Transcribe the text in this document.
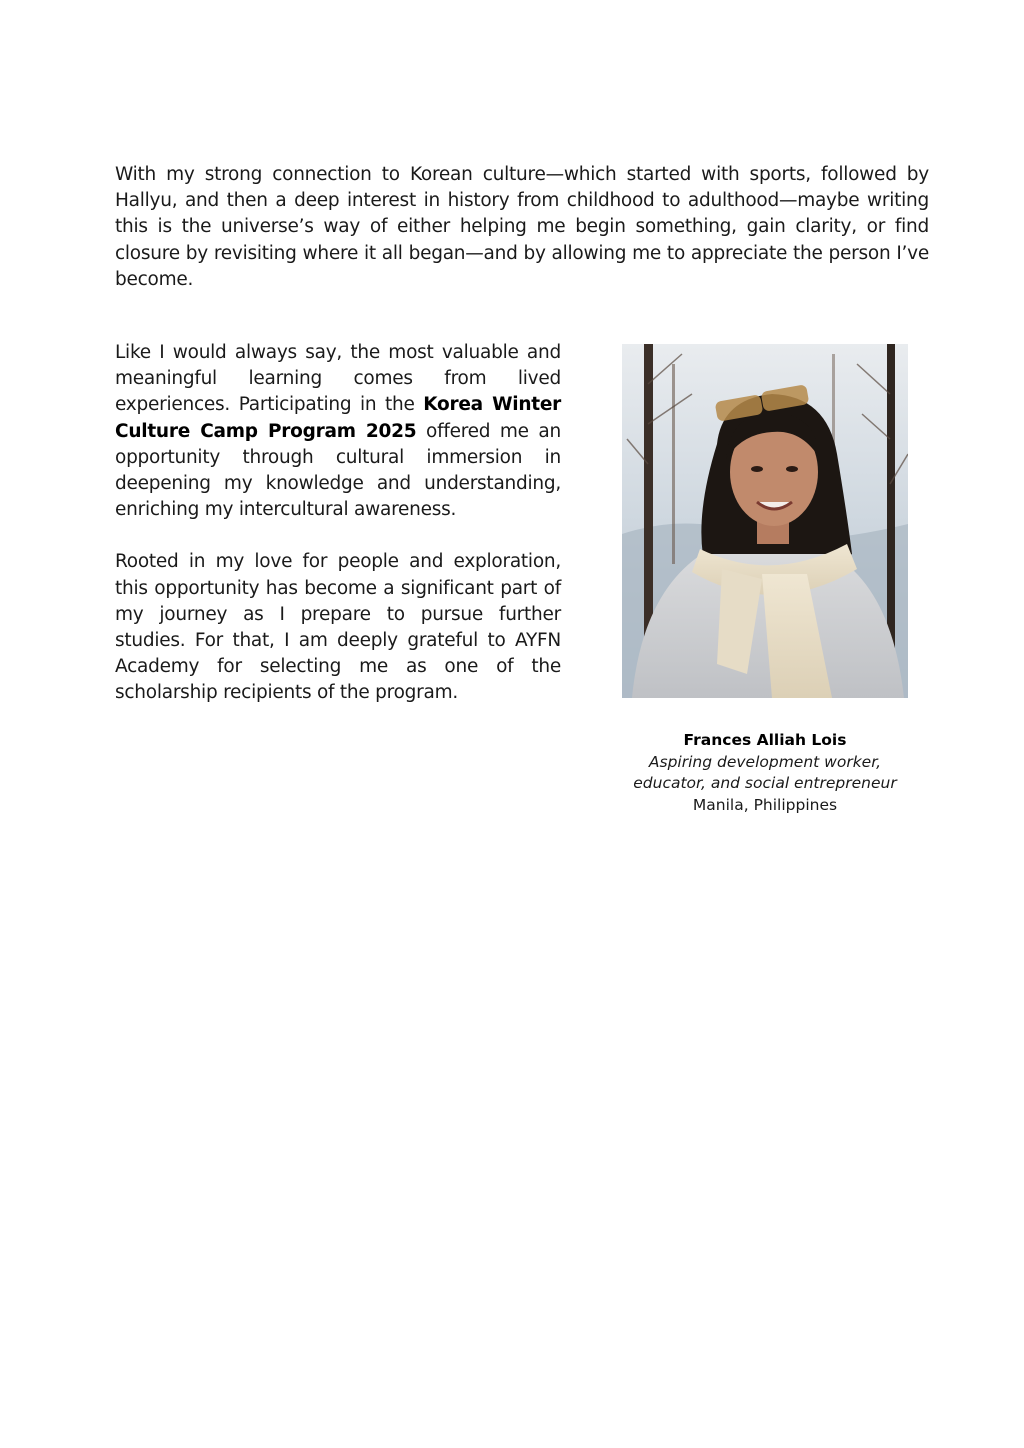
With my strong connection to Korean culture—which started with sports, followed by Hallyu, and then a deep interest in history from childhood to adulthood—maybe writing this is the universe’s way of either helping me begin something, gain clarity, or find closure by revisiting where it all began—and by allowing me to appreciate the person I’ve become.

Like I would always say, the most valuable and meaningful learning comes from lived experiences. Participating in the Korea Winter Culture Camp Program 2025 offered me an opportunity through cultural immersion in deepening my knowledge and understanding, enriching my intercultural awareness.

Rooted in my love for people and exploration, this opportunity has become a significant part of my journey as I prepare to pursue further studies. For that, I am deeply grateful to AYFN Academy for selecting me as one of the scholarship recipients of the program.

Frances Alliah Lois
Aspiring development worker,
educator, and social entrepreneur
Manila, Philippines
